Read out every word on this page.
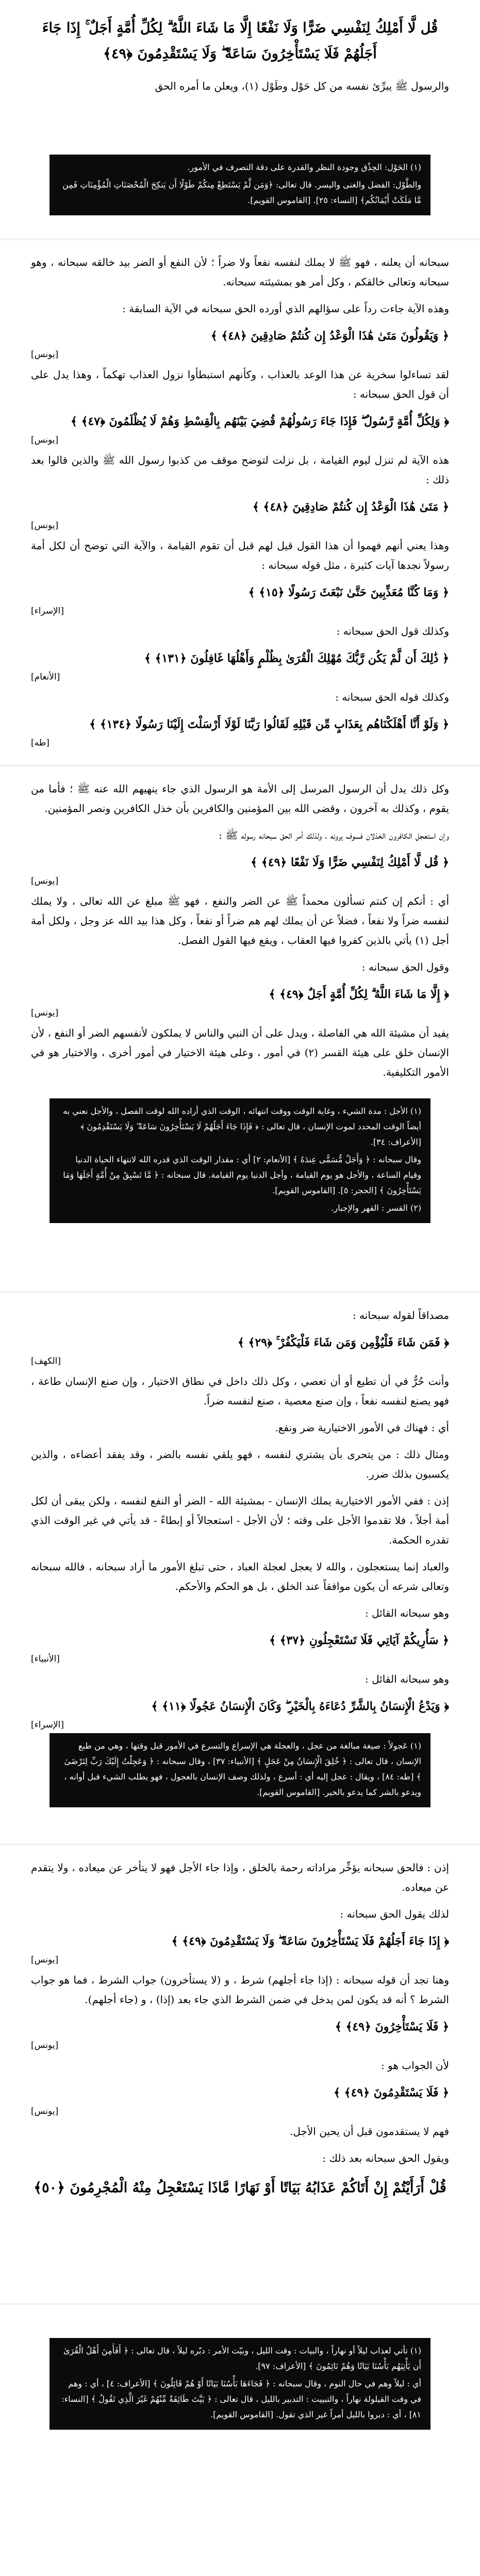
قُل لَّا أَمْلِكُ لِنَفْسِي ضَرًّا وَلَا نَفْعًا إِلَّا مَا شَاءَ اللَّهُ ۗ لِكُلِّ أُمَّةٍ أَجَلٌ ۚ إِذَا جَاءَ أَجَلُهُمْ فَلَا يَسْتَأْخِرُونَ سَاعَةً ۖ وَلَا يَسْتَقْدِمُونَ ﴿٤٩﴾
والرسول ﷺ يبرِّئ نفسه من كل حَوْل وطَوْل (١)، ويعلن ما أمره الحق

(١) الحَوْل: الحِذْق وجودة النظر والقدرة على دقة التصرف في الأمور.

والطَّوْل: الفضل والغنى واليسر. قال تعالى: ﴿وَمَن لَّمْ يَسْتَطِعْ مِنكُمْ طَوْلًا أَن يَنكِحَ الْمُحْصَنَاتِ الْمُؤْمِنَاتِ فَمِن مَّا مَلَكَتْ أَيْمَانُكُم﴾ [النساء: ٢٥]. [القاموس القويم].

سبحانه أن يعلنه ، فهو ﷺ لا يملك لنفسه نفعاً ولا ضراً ؛ لأن النفع أو الضر بيد خالقه سبحانه ، وهو سبحانه وتعالى خالقكم ، وكل أمر هو بمشيئته سبحانه.

وهذه الآية جاءت رداً على سؤالهم الذي أورده الحق سبحانه في الآية السابقة :

﴿ وَيَقُولُونَ مَتَىٰ هَٰذَا الْوَعْدُ إِن كُنتُمْ صَادِقِينَ ﴿٤٨﴾ ﴾
[يونس]

لقد تساءلوا سخرية عن هذا الوعد بالعذاب ، وكأنهم استبطأوا نزول العذاب تهكماً ، وهذا يدل على أن قول الحق سبحانه :

﴿ وَلِكُلِّ أُمَّةٍ رَّسُولٌ ۖ فَإِذَا جَاءَ رَسُولُهُمْ قُضِيَ بَيْنَهُم بِالْقِسْطِ وَهُمْ لَا يُظْلَمُونَ ﴿٤٧﴾ ﴾
[يونس]

هذه الآية لم تنزل ليوم القيامة ، بل نزلت لتوضح موقف من كذبوا رسول الله ﷺ والذين قالوا بعد ذلك :

﴿ مَتَىٰ هَٰذَا الْوَعْدُ إِن كُنتُمْ صَادِقِينَ ﴿٤٨﴾ ﴾
[يونس]

وهذا يعني أنهم فهموا أن هذا القول قيل لهم قبل أن تقوم القيامة ، والآية التي توضح أن لكل أمة رسولاً نجدها آيات كثيرة ، مثل قوله سبحانه :

﴿ وَمَا كُنَّا مُعَذِّبِينَ حَتَّىٰ نَبْعَثَ رَسُولًا ﴿١٥﴾ ﴾
[الإسراء]

وكذلك قول الحق سبحانه :

﴿ ذَٰلِكَ أَن لَّمْ يَكُن رَّبُّكَ مُهْلِكَ الْقُرَىٰ بِظُلْمٍ وَأَهْلُهَا غَافِلُونَ ﴿١٣١﴾ ﴾
[الأنعام]

وكذلك قوله الحق سبحانه :

﴿ وَلَوْ أَنَّا أَهْلَكْنَاهُم بِعَذَابٍ مِّن قَبْلِهِ لَقَالُوا رَبَّنَا لَوْلَا أَرْسَلْتَ إِلَيْنَا رَسُولًا ﴿١٣٤﴾ ﴾
[طه]

وكل ذلك يدل أن الرسول المرسل إلى الأمة هو الرسول الذي جاء ينهيهم الله عنه ﷺ ؛ فأما من يقوم ، وكذلك به آخرون ، وقضى الله بين المؤمنين والكافرين بأن خذل الكافرين ونصر المؤمنين.

وإن استعجل الكافرون الخذلان فسوف يرونه ، ولذلك أمر الحق سبحانه رسوله ﷺ :

﴿ قُل لَّا أَمْلِكُ لِنَفْسِي ضَرًّا وَلَا نَفْعًا ﴿٤٩﴾ ﴾
[يونس]

أي : أنكم إن كنتم تسألون محمداً ﷺ عن الضر والنفع ، فهو ﷺ مبلغ عن الله تعالى ، ولا يملك لنفسه ضراً ولا نفعاً ، فضلاً عن أن يملك لهم هم ضراً أو نفعاً ، وكل هذا بيد الله عز وجل ، ولكل أمة أجل (١) يأتي بالذين كفروا فيها العقاب ، ويقع فيها القول الفصل.

وقول الحق سبحانه :

﴿ إِلَّا مَا شَاءَ اللَّهُ ۗ لِكُلِّ أُمَّةٍ أَجَلٌ ﴿٤٩﴾ ﴾
[يونس]

يفيد أن مشيئة الله هي الفاصلة ، ويدل على أن النبي والناس لا يملكون لأنفسهم الضر أو النفع ، لأن الإنسان خلق على هيئة القسر (٢) في أمور ، وعلى هيئة الاختيار في أمور أخرى ، والاختيار هو في الأمور التكليفية.

(١) الأجل : مدة الشيء ، وغاية الوقت ووقت انتهائه ، الوقت الذي أراده الله لوقت الفصل ، والأجل نعني به أيضاً الوقت المحدد لموت الإنسان ، قال تعالى : ﴿ فَإِذَا جَاءَ أَجَلُهُمْ لَا يَسْتَأْخِرُونَ سَاعَةً ۖ وَلَا يَسْتَقْدِمُونَ ﴾ [الأعراف: ٣٤].

وقال سبحانه : ﴿ وَأَجَلٌ مُّسَمًّى عِندَهُ ﴾ [الأنعام: ٢] أي : مقدار الوقت الذي قدره الله لانتهاء الحياة الدنيا وقيام الساعة ، والأجل هو يوم القيامة ، وأجل الدنيا يوم القيامة. قال سبحانه : ﴿ مَّا تَسْبِقُ مِنْ أُمَّةٍ أَجَلَهَا وَمَا يَسْتَأْخِرُونَ ﴾ [الحجر: ٥]. [القاموس القويم].

(٢) القسر : القهر والإجبار.

مصداقاً لقوله سبحانه :

﴿ فَمَن شَاءَ فَلْيُؤْمِن وَمَن شَاءَ فَلْيَكْفُرْ ۚ ﴿٢٩﴾ ﴾
[الكهف]

وأنت حُرٌّ في أن تطيع أو أن تعصي ، وكل ذلك داخل في نطاق الاختيار ، وإن صنع الإنسان طاعة ، فهو يصنع لنفسه نفعاً ، وإن صنع معصية ، صنع لنفسه ضراً.

أي : فهناك في الأمور الاختيارية ضر ونفع.

ومثال ذلك : من يتحرى بأن يشتري لنفسه ، فهو يلقي نفسه بالضر ، وقد يفقد أعضاءه ، والذين يكسبون بذلك ضرر.

إذن : ففي الأمور الاختيارية يملك الإنسان - بمشيئة الله - الضر أو النفع لنفسه ، ولكن يبقى أن لكل أمة أجلاً ، فلا تقدموا الأجل على وقته ؛ لأن الأجل - استعجالاً أو إبطاءً - قد يأتي في غير الوقت الذي تقدره الحكمة.

والعباد إنما يستعجلون ، والله لا يعجل لعجلة العباد ، حتى تبلغ الأمور ما أراد سبحانه ، فالله سبحانه وتعالى شرعه أن يكون موافقاً عند الخلق ، بل هو الحكم والأحكم.

وهو سبحانه القائل :

﴿ سَأُرِيكُمْ آيَاتِي فَلَا تَسْتَعْجِلُونِ ﴿٣٧﴾ ﴾
[الأنبياء]

وهو سبحانه القائل :

﴿ وَيَدْعُ الْإِنسَانُ بِالشَّرِّ دُعَاءَهُ بِالْخَيْرِ ۖ وَكَانَ الْإِنسَانُ عَجُولًا ﴿١١﴾ ﴾
[الإسراء]

(١) عَجولاً : صيغة مبالغة من عجل ، والعجلة هي الإسراع والتسرع في الأمور قبل وقتها ، وهي من طبع الإنسان ، قال تعالى : ﴿ خُلِقَ الْإِنسَانُ مِنْ عَجَلٍ ﴾ [الأنبياء: ٣٧] ، وقال سبحانه : ﴿ وَعَجِلْتُ إِلَيْكَ رَبِّ لِتَرْضَىٰ ﴾ [طه: ٨٤] ، ويقال : عجل إليه أي : أسرع ، ولذلك وصف الإنسان بالعجول ، فهو يطلب الشيء قبل أوانه ، ويدعو بالشر كما يدعو بالخير. [القاموس القويم].

إذن : فالحق سبحانه يؤخِّر مراداته رحمة بالخلق ، وإذا جاء الأجل فهو لا يتأخر عن ميعاده ، ولا يتقدم عن ميعاده.

لذلك يقول الحق سبحانه :

﴿ إِذَا جَاءَ أَجَلُهُمْ فَلَا يَسْتَأْخِرُونَ سَاعَةً ۖ وَلَا يَسْتَقْدِمُونَ ﴿٤٩﴾ ﴾
[يونس]

وهنا نجد أن قوله سبحانه : (إذا جاء أجلهم) شرط ، و (لا يستأخرون) جواب الشرط ، فما هو جواب الشرط ؟ أنه قد يكون لمن يدخل في ضمن الشرط الذي جاء بعد (إذا) ، و (جاء أجلهم).

﴿ فَلَا يَسْتَأْخِرُونَ ﴿٤٩﴾ ﴾
[يونس]

لأن الجواب هو :

﴿ فَلَا يَسْتَقْدِمُونَ ﴿٤٩﴾ ﴾
[يونس]

فهم لا يستقدمون قبل أن يحين الأجل.

ويقول الحق سبحانه بعد ذلك :

قُلْ أَرَأَيْتُمْ إِنْ أَتَاكُمْ عَذَابُهُ بَيَاتًا أَوْ نَهَارًا مَّاذَا يَسْتَعْجِلُ مِنْهُ الْمُجْرِمُونَ ﴿٥٠﴾

(١) تأتي لعذاب ليلاً أو نهاراً ، والبيات : وقت الليل ، وبيّت الأمر : دبّره ليلاً ، قال تعالى : ﴿ أَفَأَمِنَ أَهْلُ الْقُرَىٰ أَن يَأْتِيَهُم بَأْسُنَا بَيَاتًا وَهُمْ نَائِمُونَ ﴾ [الأعراف: ٩٧].

أي : ليلاً وهم في حال النوم ، وقال سبحانه : ﴿ فَجَاءَهَا بَأْسُنَا بَيَاتًا أَوْ هُمْ قَائِلُونَ ﴾ [الأعراف: ٤] ، أي : وهم في وقت القيلولة نهاراً ، والتبييت : التدبير بالليل ، قال تعالى : ﴿ بَيَّتَ طَائِفَةٌ مِّنْهُمْ غَيْرَ الَّذِي تَقُولُ ﴾ [النساء: ٨١] ، أي : دبروا بالليل أمراً غير الذي تقول. [القاموس القويم].
